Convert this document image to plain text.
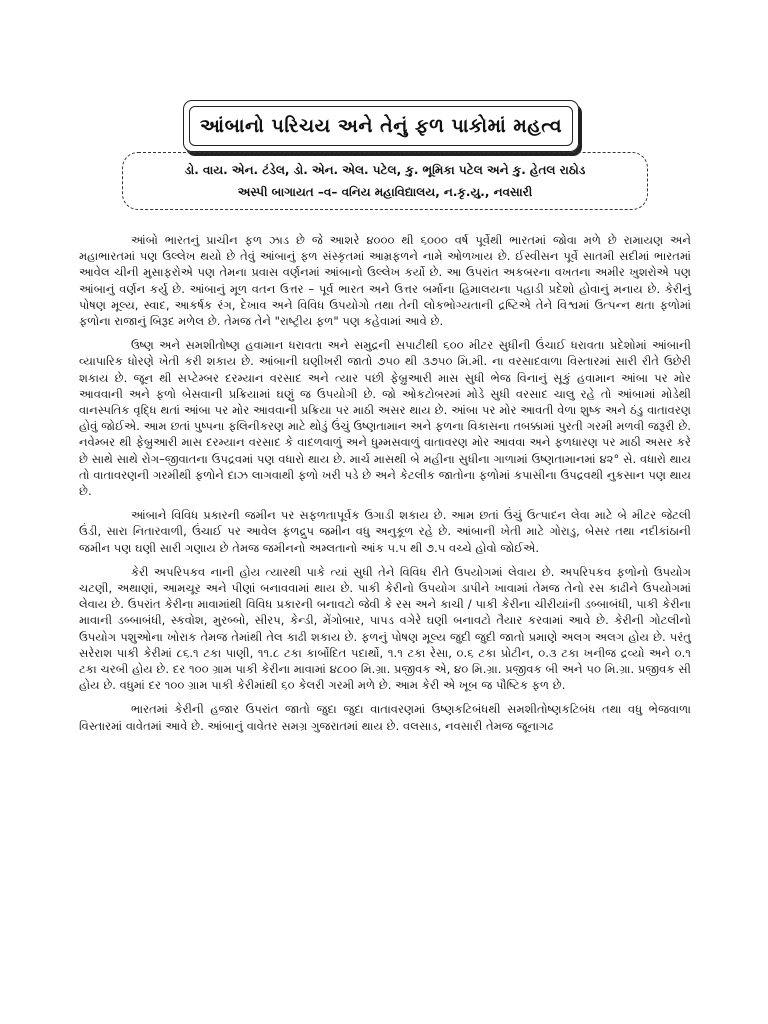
આંબાનો પરિચય અને તેનું ફળ પાકોમાં મહત્વ
ડો. વાય. એન. ટંડેલ, ડો. એન. એલ. પટેલ, કુ. ભૂમિકા પટેલ અને કુ. હેતલ રાઠોડ
અસ્પી બાગાયત –વ– વનિય મહાવિદ્યાલય, ન.કૃ.યુ., નવસારી

આંબો ભારતનું પ્રાચીન ફળ ઝાડ છે જે આશરે ૪૦૦૦ થી ૬૦૦૦ વર્ષ પૂર્વેથી ભારતમાં જોવા મળે છે રામાયણ અને મહાભારતમાં પણ ઉલ્લેખ થયો છે તેવું આંબાનું ફળ સંસ્કૃતમાં આમ્રફળને નામે ઓળખાય છે. ઈસ્વીસન પૂર્વે સાતમી સદીમાં ભારતમાં આવેલ ચીની મુસાફરોએ પણ તેમના પ્રવાસ વર્ણનમાં આંબાનો ઉલ્લેખ કર્યો છે. આ ઉપરાંત અકબરના વખતના અમીર ખુશરોએ પણ આંબાનું વર્ણન કર્યુ છે. આંબાનું મૂળ વતન ઉત્તર – પૂર્વ ભારત અને ઉત્તર બર્માના હિમાલયના પહાડી પ્રદેશો હોવાનું મનાય છે. કેરીનું પોષણ મૂલ્ય, સ્વાદ, આકર્ષક રંગ, દેખાવ અને વિવિધ ઉપયોગો તથા તેની લોકભોગ્યતાની દ્રષ્ટિએ તેને વિશ્વમાં ઉત્પન્ન થતા ફળોમાં ફળોના રાજાનું બિરૂદ મળેલ છે. તેમજ તેને "રાષ્ટ્રીય ફળ" પણ કહેવામાં આવે છે.

ઉષ્ણ અને સમશીતોષ્ણ હવામાન ધરાવતા અને સમુદ્રની સપાટીથી ૬૦૦ મીટર સુધીની ઉંચાઈ ધરાવતા પ્રદેશોમાં આંબાની વ્યાપારિક ધોરણે ખેતી કરી શકાય છે. આંબાની ઘણીખરી જાતો ૭૫૦ થી ૩૭૫૦ મિ.મી. ના વરસાદવાળા વિસ્તારમાં સારી રીતે ઉછેરી શકાય છે. જૂન થી સપ્ટેમ્બર દરમ્યાન વરસાદ અને ત્યાર પછી ફેબ્રુઆરી માસ સુધી ભેજ વિનાનું સૂકું હવામાન આંબા પર મોર આવવાની અને ફળો બેસવાની પ્રક્રિયામાં ઘણું જ ઉપયોગી છે. જો ઓકટોબરમાં મોડે સુધી વરસાદ ચાલુ રહે તો આંબામાં મોડેથી વાનસ્પતિક વૃદ્ધિ થતાં આંબા પર મોર આવવાની પ્રક્રિયા પર માઠી અસર થાય છે. આંબા પર મોર આવતી વેળા શુષ્ક અને ઠંડુ વાતાવરણ હોવું જોઈએ. આમ છતાં પુષ્પના ફલિનીકરણ માટે થોડું ઉંચું ઉષ્ણતામાન અને ફળના વિકાસના તબક્કામાં પુરતી ગરમી મળવી જરૂરી છે. નવેમ્બર થી ફેબ્રુઆરી માસ દરમ્યાન વરસાદ કે વાદળવાળું અને ધુમ્મસવાળું વાતાવરણ મોર આવવા અને ફળધારણ પર માઠી અસર કરે છે સાથે સાથે રોગ–જીવાતના ઉપદ્રવમાં પણ વધારો થાય છે. માર્ચ માસથી બે મહીના સુધીના ગાળામાં ઉષ્ણતામાનમાં ૪૨° સે. વધારો થાય તો વાતાવરણની ગરમીથી ફળોને દાઝ લાગવાથી ફળો ખરી પડે છે અને કેટલીક જાતોના ફળોમાં કપાસીના ઉપદ્રવથી નુકસાન પણ થાય છે.

આંબાને વિવિધ પ્રકારની જમીન પર સફળતાપૂર્વક ઉગાડી શકાય છે. આમ છતાં ઉંચું ઉત્પાદન લેવા માટે બે મીટર જેટલી ઉંડી, સારા નિતારવાળી, ઉંચાઈ પર આવેલ ફળદ્રુપ જમીન વધુ અનુકૂળ રહે છે. આંબાની ખેતી માટે ગોરાડુ, બેસર તથા નદીકાંઠાની જમીન પણ ઘણી સારી ગણાય છે તેમજ જમીનનો અમ્લતાનો આંક ૫.૫ થી ૭.૫ વચ્ચે હોવો જોઈએ.

કેરી અપરિપકવ નાની હોય ત્યારથી પાકે ત્યાં સુધી તેને વિવિધ રીતે ઉપયોગમાં લેવાય છે. અપરિપકવ ફળોનો ઉપયોગ ચટણી, અથાણાં, આમચૂર અને પીણાં બનાવવામાં થાય છે. પાકી કેરીનો ઉપયોગ ડાપીને ખાવામાં તેમજ તેનો રસ કાઢીને ઉપયોગમાં લેવાય છે. ઉપરાંત કેરીના માવામાંથી વિવિધ પ્રકારની બનાવટો જેવી કે રસ અને કાચી / પાકી કેરીના ચીરીયાંની ડબ્બાબંધી, પાકી કેરીના માવાની ડબ્બાબંધી, સ્કવોશ, મુરબ્બો, સીરપ, કેન્ડી, મેંગોબાર, પાપડ વગેરે ઘણી બનાવટો તૈયાર કરવામાં આવે છે. કેરીની ગોટલીનો ઉપયોગ પશુઓના ખોરાક તેમજ તેમાંથી તેલ કાઢી શકાય છે. ફળનું પોષણ મૂલ્ય જુદી જુદી જાતો પ્રમાણે અલગ અલગ હોય છે. પરંતુ સરેરાશ પાકી કેરીમાં ૮૬.૧ ટકા પાણી, ૧૧.૮ ટકા કાર્બોદિત પદાર્થો, ૧.૧ ટકા રેસા, ૦.૬ ટકા પ્રોટીન, ૦.૩ ટકા ખનીજ દ્રવ્યો અને ૦.૧ ટકા ચરબી હોય છે. દર ૧૦૦ ગ્રામ પાકી કેરીના માવામાં ૪૮૦૦ મિ.ગ્રા. પ્રજીવક એ, ૪૦ મિ.ગ્રા. પ્રજીવક બી અને ૫૦ મિ.ગ્રા. પ્રજીવક સી હોય છે. વધુમાં દર ૧૦૦ ગ્રામ પાકી કેરીમાંથી ૬૦ કેલરી ગરમી મળે છે. આમ કેરી એ ખૂબ જ પૌષ્ટિક ફળ છે.

ભારતમાં કેરીની હજાર ઉપરાંત જાતો જુદા જુદા વાતાવરણમાં ઉષ્ણકટિબંધથી સમશીતોષ્ણકટિબંધ તથા વધુ ભેજવાળા વિસ્તારમાં વાવેતમાં આવે છે. આંબાનું વાવેતર સમગ્ર ગુજરાતમાં થાય છે. વલસાડ, નવસારી તેમજ જૂનાગઢ
